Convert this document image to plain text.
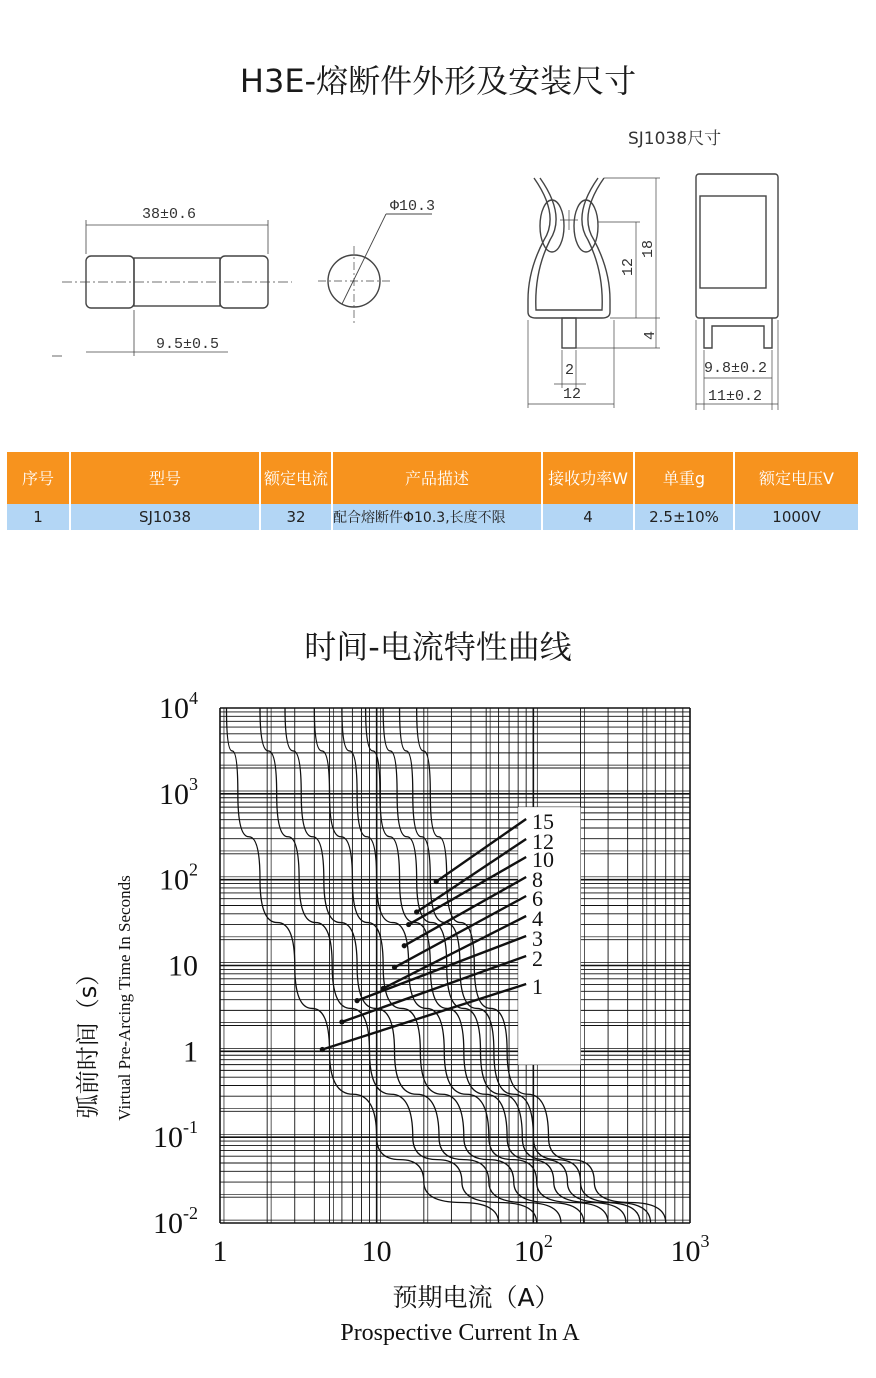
H3E-熔断件外形及安装尺寸
SJ1038尺寸
38±0.6
9.5±0.5
Φ10.3
18
12
4
2
12
9.8±0.2
11±0.2
序号	型号	额定电流	产品描述	接收功率W	单重g	额定电压V
1	SJ1038	32	配合熔断件Φ10.3,长度不限	4	2.5±10%	1000V
时间-电流特性曲线
15
12
10
8
6
4
3
2
1
1	10	$10^2$	$10^3$
$10^{-2}$
$10^{-1}$
1
10
$10^2$
$10^3$
$10^4$
弧前时间（s） Virtual Pre-Arcing Time In Seconds
预期电流（A）
Prospective Current In A
